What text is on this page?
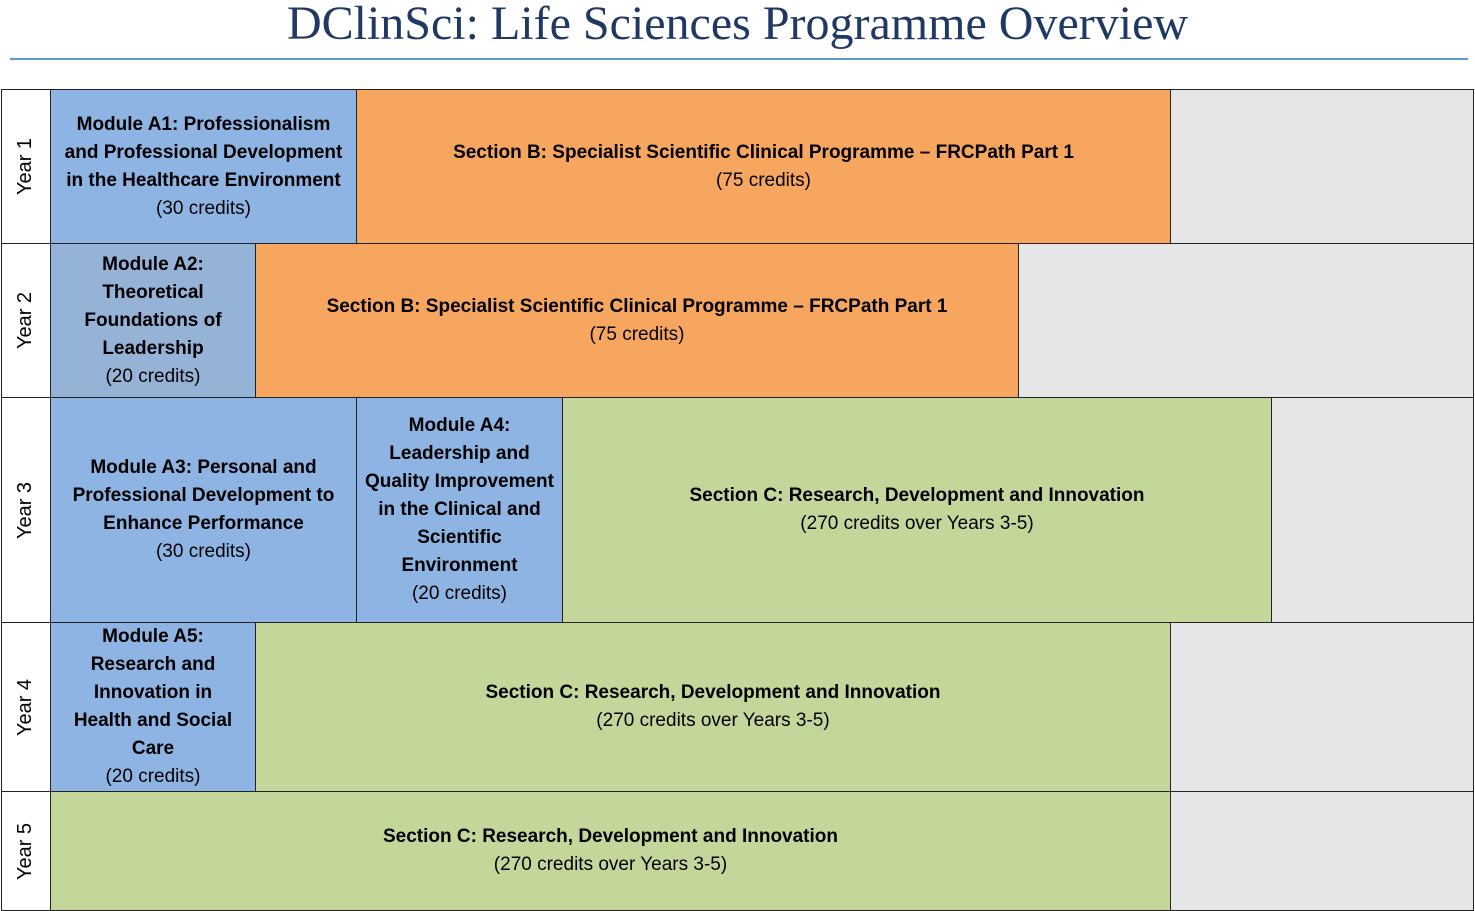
DClinSci: Life Sciences Programme Overview
Year 1
Year 2
Year 3
Year 4
Year 5
Module A1: Professionalism and Professional Development in the Healthcare Environment
(30 credits)
Section B: Specialist Scientific Clinical Programme – FRCPath Part 1
(75 credits)
Module A2: Theoretical Foundations of Leadership
(20 credits)
Section B: Specialist Scientific Clinical Programme – FRCPath Part 1
(75 credits)
Module A3: Personal and Professional Development to Enhance Performance
(30 credits)
Module A4: Leadership and Quality Improvement in the Clinical and Scientific Environment
(20 credits)
Section C: Research, Development and Innovation
(270 credits over Years 3-5)
Module A5: Research and Innovation in Health and Social Care
(20 credits)
Section C: Research, Development and Innovation
(270 credits over Years 3-5)
Section C: Research, Development and Innovation
(270 credits over Years 3-5)
